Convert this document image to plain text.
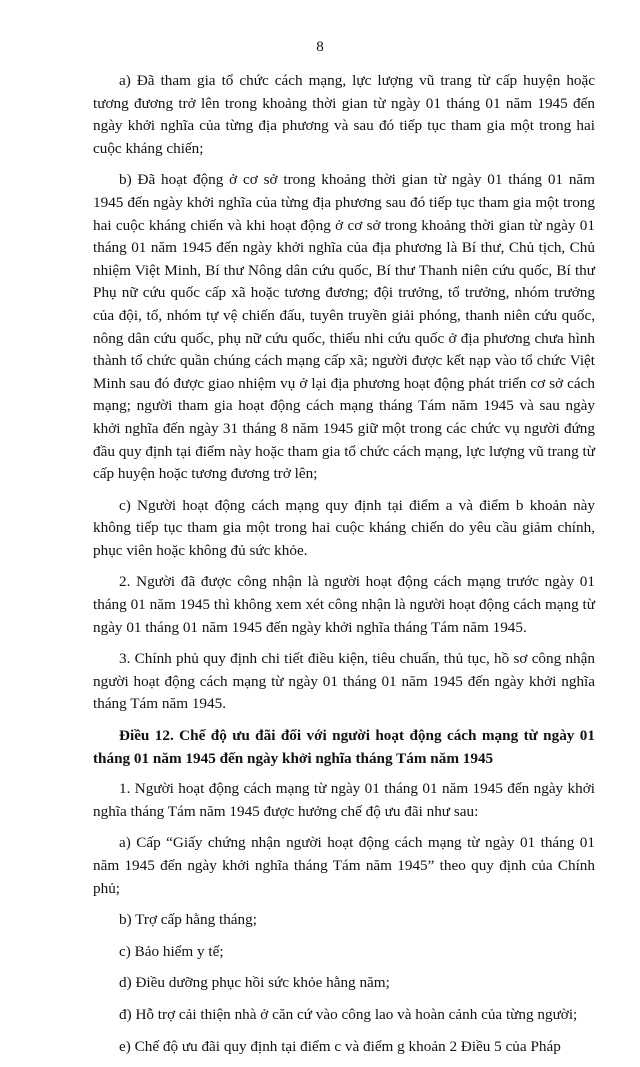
8

a) Đã tham gia tổ chức cách mạng, lực lượng vũ trang từ cấp huyện hoặc tương đương trở lên trong khoảng thời gian từ ngày 01 tháng 01 năm 1945 đến ngày khởi nghĩa của từng địa phương và sau đó tiếp tục tham gia một trong hai cuộc kháng chiến;

b) Đã hoạt động ở cơ sở trong khoảng thời gian từ ngày 01 tháng 01 năm 1945 đến ngày khởi nghĩa của từng địa phương sau đó tiếp tục tham gia một trong hai cuộc kháng chiến và khi hoạt động ở cơ sở trong khoảng thời gian từ ngày 01 tháng 01 năm 1945 đến ngày khởi nghĩa của địa phương là Bí thư, Chủ tịch, Chủ nhiệm Việt Minh, Bí thư Nông dân cứu quốc, Bí thư Thanh niên cứu quốc, Bí thư Phụ nữ cứu quốc cấp xã hoặc tương đương; đội trưởng, tổ trưởng, nhóm trưởng của đội, tổ, nhóm tự vệ chiến đấu, tuyên truyền giải phóng, thanh niên cứu quốc, nông dân cứu quốc, phụ nữ cứu quốc, thiếu nhi cứu quốc ở địa phương chưa hình thành tổ chức quần chúng cách mạng cấp xã; người được kết nạp vào tổ chức Việt Minh sau đó được giao nhiệm vụ ở lại địa phương hoạt động phát triển cơ sở cách mạng; người tham gia hoạt động cách mạng tháng Tám năm 1945 và sau ngày khởi nghĩa đến ngày 31 tháng 8 năm 1945 giữ một trong các chức vụ người đứng đầu quy định tại điểm này hoặc tham gia tổ chức cách mạng, lực lượng vũ trang từ cấp huyện hoặc tương đương trở lên;

c) Người hoạt động cách mạng quy định tại điểm a và điểm b khoản này không tiếp tục tham gia một trong hai cuộc kháng chiến do yêu cầu giảm chính, phục viên hoặc không đủ sức khỏe.

2. Người đã được công nhận là người hoạt động cách mạng trước ngày 01 tháng 01 năm 1945 thì không xem xét công nhận là người hoạt động cách mạng từ ngày 01 tháng 01 năm 1945 đến ngày khởi nghĩa tháng Tám năm 1945.

3. Chính phủ quy định chi tiết điều kiện, tiêu chuẩn, thủ tục, hồ sơ công nhận người hoạt động cách mạng từ ngày 01 tháng 01 năm 1945 đến ngày khởi nghĩa tháng Tám năm 1945.

Điều 12. Chế độ ưu đãi đối với người hoạt động cách mạng từ ngày 01 tháng 01 năm 1945 đến ngày khởi nghĩa tháng Tám năm 1945

1. Người hoạt động cách mạng từ ngày 01 tháng 01 năm 1945 đến ngày khởi nghĩa tháng Tám năm 1945 được hưởng chế độ ưu đãi như sau:

a) Cấp “Giấy chứng nhận người hoạt động cách mạng từ ngày 01 tháng 01 năm 1945 đến ngày khởi nghĩa tháng Tám năm 1945” theo quy định của Chính phủ;

b) Trợ cấp hằng tháng;

c) Bảo hiểm y tế;

d) Điều dưỡng phục hồi sức khỏe hằng năm;

đ) Hỗ trợ cải thiện nhà ở căn cứ vào công lao và hoàn cảnh của từng người;

e) Chế độ ưu đãi quy định tại điểm c và điểm g khoản 2 Điều 5 của Pháp
